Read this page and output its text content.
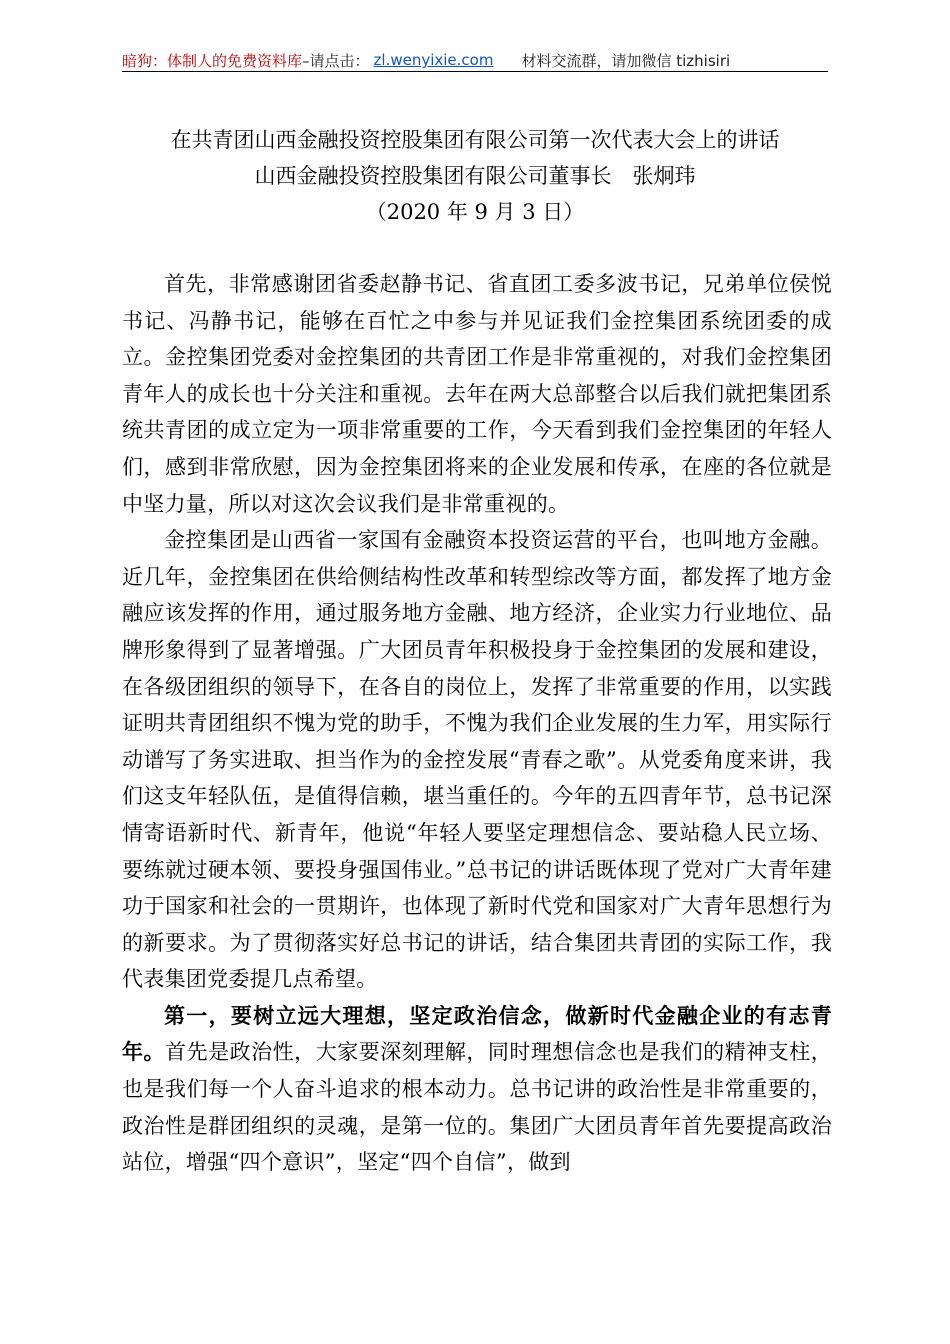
暗狗：体制人的免费资料库 –请点击： zl.wenyixie.com 材料交流群，请加微信 tizhisiri
在共青团山西金融投资控股集团有限公司第一次代表大会上的讲话
山西金融投资控股集团有限公司董事长　张炯玮
（2020 年 9 月 3 日）

首先，非常感谢团省委赵静书记、省直团工委多波书记，兄弟单位侯悦书记、冯静书记，能够在百忙之中参与并见证我们金控集团系统团委的成立。金控集团党委对金控集团的共青团工作是非常重视的，对我们金控集团青年人的成长也十分关注和重视。去年在两大总部整合以后我们就把集团系统共青团的成立定为一项非常重要的工作，今天看到我们金控集团的年轻人们，感到非常欣慰，因为金控集团将来的企业发展和传承，在座的各位就是中坚力量，所以对这次会议我们是非常重视的。

金控集团是山西省一家国有金融资本投资运营的平台，也叫地方金融。近几年，金控集团在供给侧结构性改革和转型综改等方面，都发挥了地方金融应该发挥的作用，通过服务地方金融、地方经济，企业实力行业地位、品牌形象得到了显著增强。广大团员青年积极投身于金控集团的发展和建设，在各级团组织的领导下，在各自的岗位上，发挥了非常重要的作用，以实践证明共青团组织不愧为党的助手，不愧为我们企业发展的生力军，用实际行动谱写了务实进取、担当作为的金控发展“青春之歌”。从党委角度来讲，我们这支年轻队伍，是值得信赖，堪当重任的。今年的五四青年节，总书记深情寄语新时代、新青年，他说“年轻人要坚定理想信念、要站稳人民立场、要练就过硬本领、要投身强国伟业。”总书记的讲话既体现了党对广大青年建功于国家和社会的一贯期许，也体现了新时代党和国家对广大青年思想行为的新要求。为了贯彻落实好总书记的讲话，结合集团共青团的实际工作，我代表集团党委提几点希望。

第一，要树立远大理想，坚定政治信念，做新时代金融企业的有志青年。首先是政治性，大家要深刻理解，同时理想信念也是我们的精神支柱，也是我们每一个人奋斗追求的根本动力。总书记讲的政治性是非常重要的，政治性是群团组织的灵魂，是第一位的。集团广大团员青年首先要提高政治站位，增强“四个意识”，坚定“四个自信”，做到
